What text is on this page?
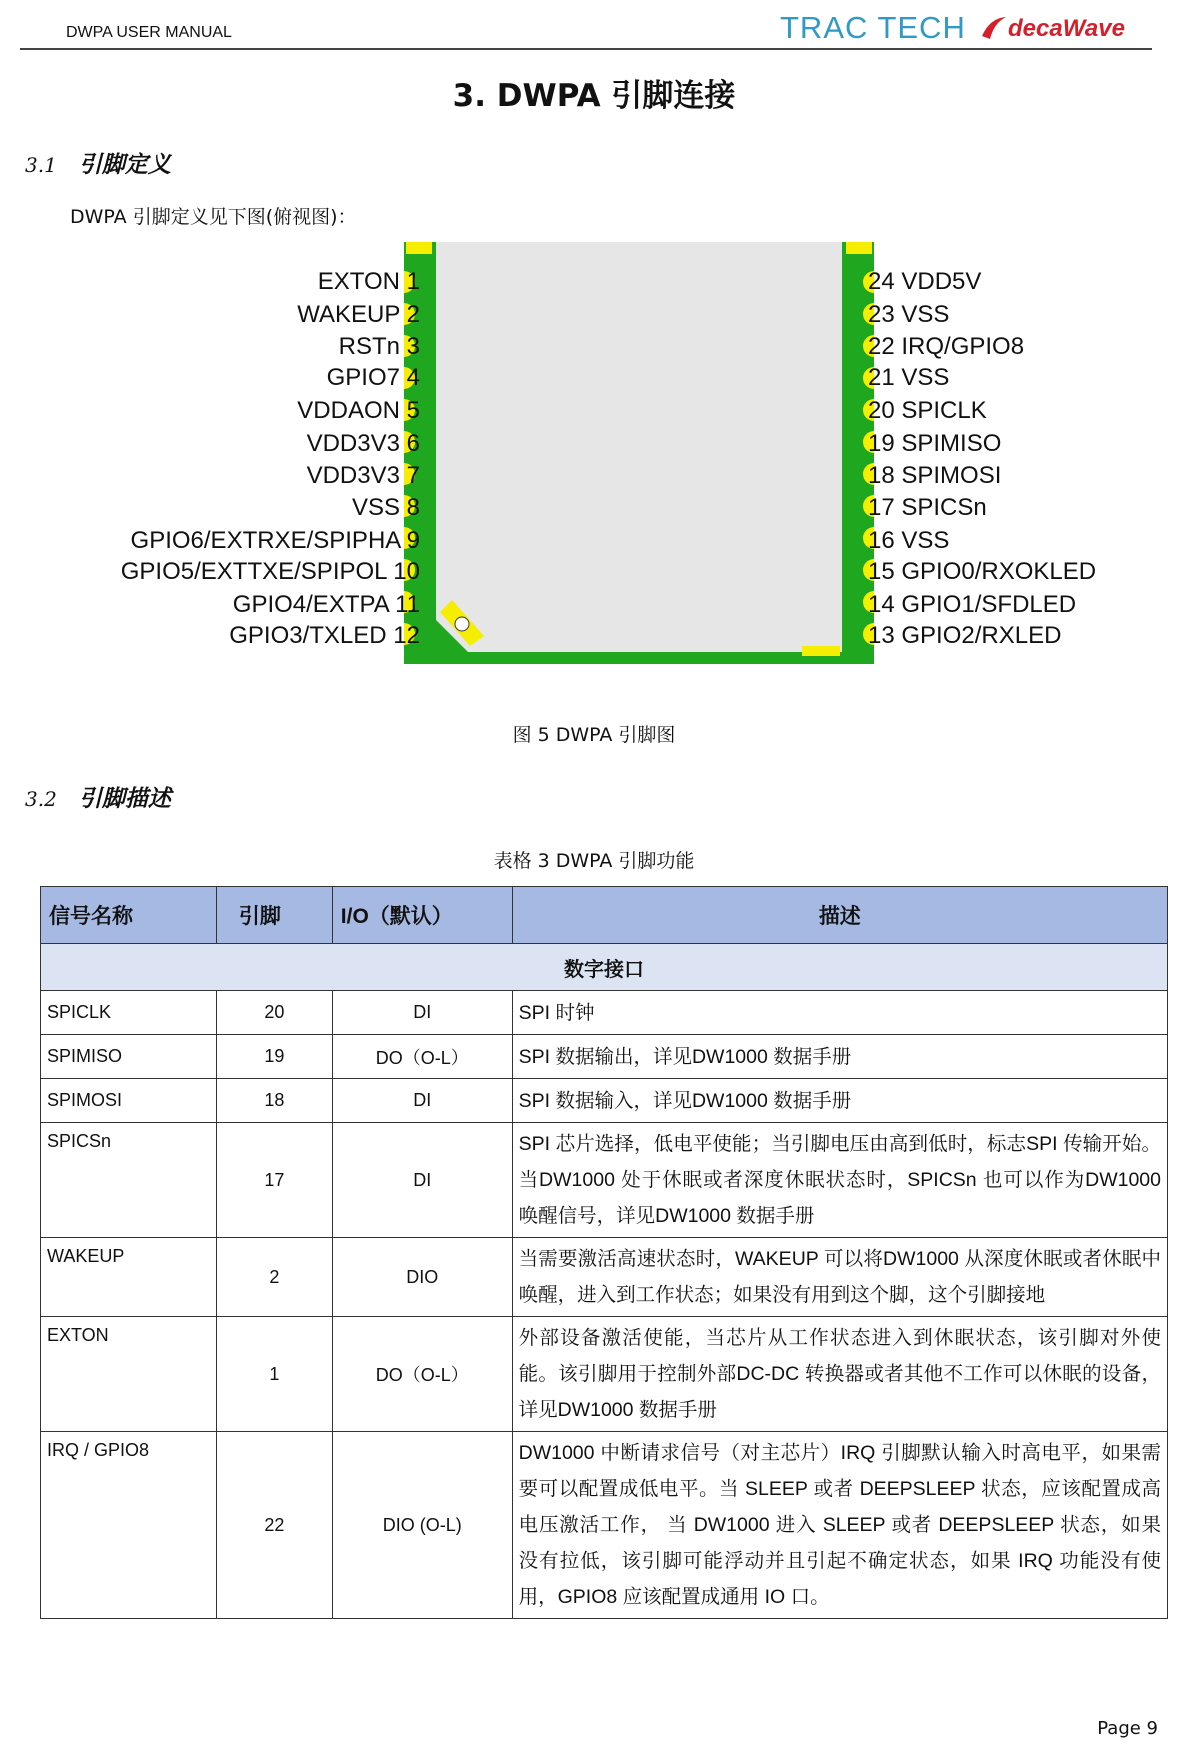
DWPA USER MANUAL	TRAC TECH decaWave
3. DWPA 引脚连接
3.1 引脚定义
DWPA 引脚定义见下图(俯视图)：
EXTON 1
WAKEUP 2
RSTn 3
GPIO7 4
VDDAON 5
VDD3V3 6
VDD3V3 7
VSS 8
GPIO6/EXTRXE/SPIPHA 9
GPIO5/EXTTXE/SPIPOL 10
GPIO4/EXTPA 11
GPIO3/TXLED 12
24 VDD5V
23 VSS
22 IRQ/GPIO8
21 VSS
20 SPICLK
19 SPIMISO
18 SPIMOSI
17 SPICSn
16 VSS
15 GPIO0/RXOKLED
14 GPIO1/SFDLED
13 GPIO2/RXLED
图 5 DWPA 引脚图
3.2 引脚描述
表格 3 DWPA 引脚功能
信号名称	引脚	I/O（默认）	描述
数字接口			
SPICLK	20	DI	SPI 时钟
SPIMISO	19	DO（O-L）	SPI 数据输出，详见DW1000 数据手册
SPIMOSI	18	DI	SPI 数据输入，详见DW1000 数据手册
SPICSn	17	DI	SPI 芯片选择，低电平使能；当引脚电压由高到低时，标志SPI 传输开始。当DW1000 处于休眠或者深度休眠状态时，SPICSn 也可以作为DW1000 唤醒信号，详见DW1000 数据手册
WAKEUP	2	DIO	当需要激活高速状态时，WAKEUP 可以将DW1000 从深度休眠或者休眠中唤醒，进入到工作状态；如果没有用到这个脚，这个引脚接地
EXTON	1	DO（O-L）	外部设备激活使能，当芯片从工作状态进入到休眠状态，该引脚对外使能。该引脚用于控制外部DC-DC 转换器或者其他不工作可以休眠的设备，详见DW1000 数据手册
IRQ / GPIO8	22	DIO (O-L)	DW1000 中断请求信号（对主芯片）IRQ 引脚默认输入时高电平，如果需要可以配置成低电平。当 SLEEP 或者 DEEPSLEEP 状态，应该配置成高电压激活工作， 当 DW1000 进入 SLEEP 或者 DEEPSLEEP 状态，如果没有拉低，该引脚可能浮动并且引起不确定状态，如果 IRQ 功能没有使用，GPIO8 应该配置成通用 IO 口。
Page 9
